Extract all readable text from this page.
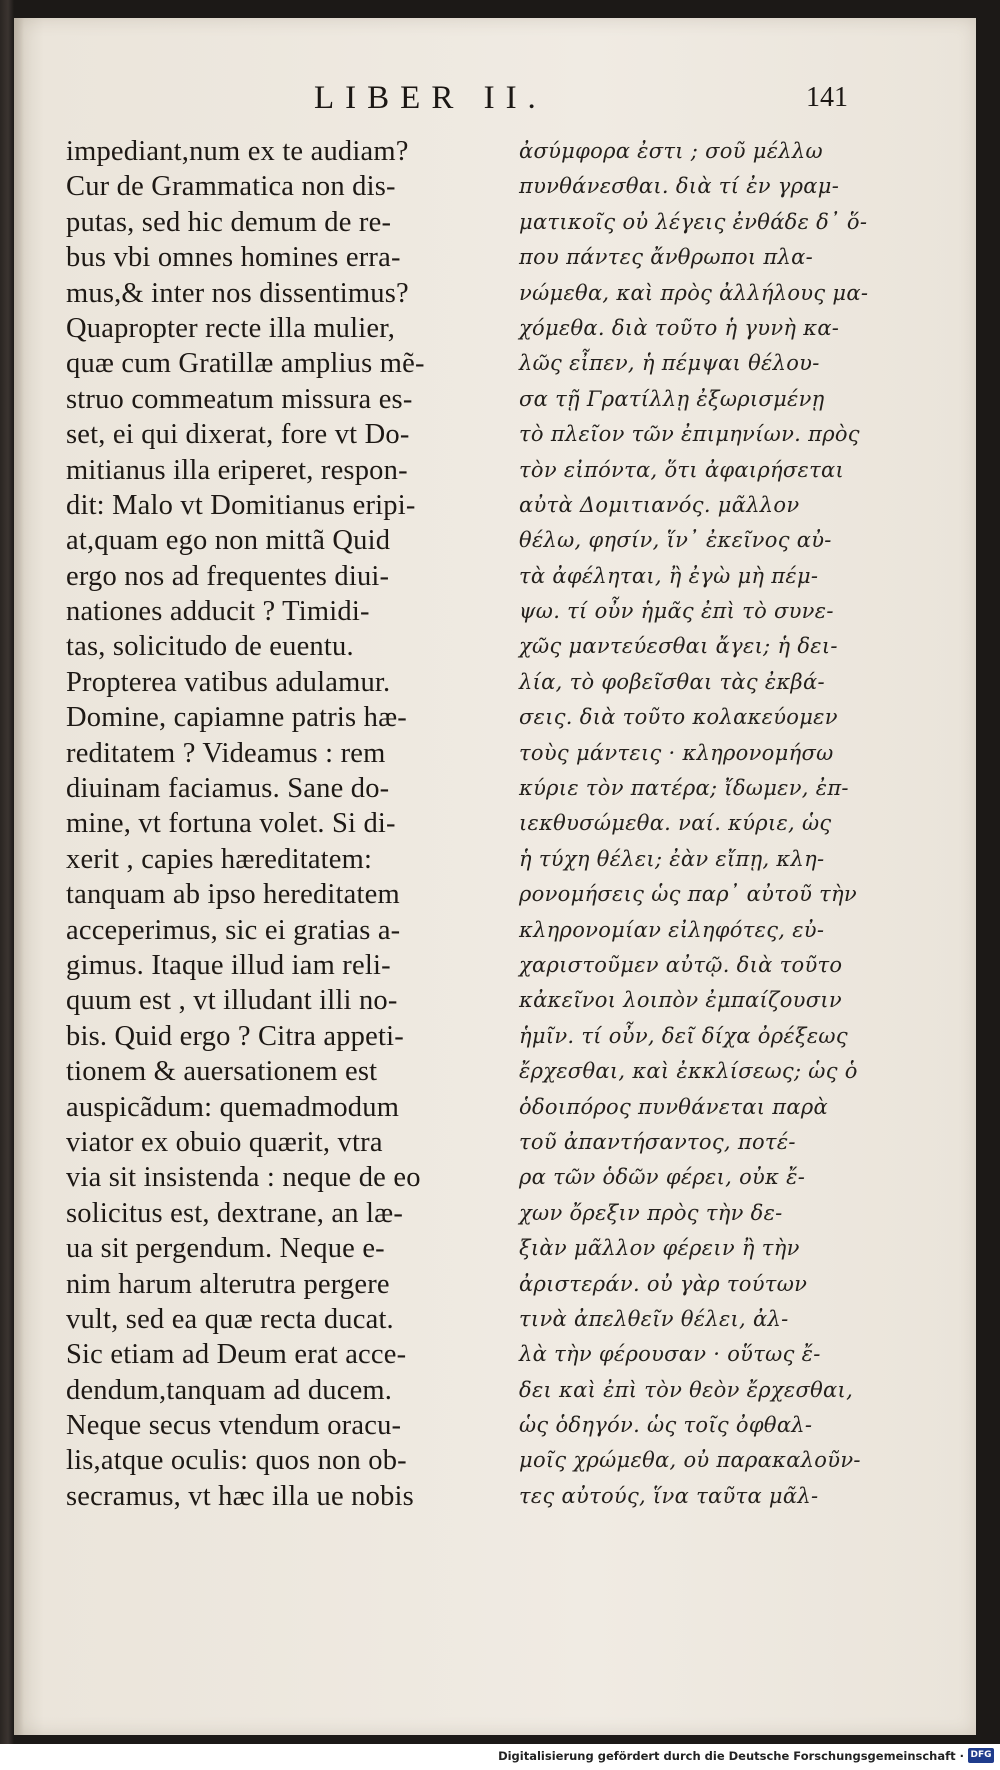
LIBER II.	141
impediant,num ex te audiam?
Cur de Grammatica non dis-
putas, sed hic demum de re-
bus vbi omnes homines erra-
mus,& inter nos dissentimus?
Quapropter recte illa mulier,
quæ cum Gratillæ amplius mẽ-
struo commeatum missura es-
set, ei qui dixerat, fore vt Do-
mitianus illa eriperet, respon-
dit: Malo vt Domitianus eripi-
at,quam ego non mittã Quid
ergo nos ad frequentes diui-
nationes adducit ? Timidi-
tas, solicitudo de euentu.
Propterea vatibus adulamur.
Domine, capiamne patris hæ-
reditatem ? Videamus : rem
diuinam faciamus. Sane do-
mine, vt fortuna volet. Si di-
xerit , capies hæreditatem:
tanquam ab ipso hereditatem
acceperimus, sic ei gratias a-
gimus. Itaque illud iam reli-
quum est , vt illudant illi no-
bis. Quid ergo ? Citra appeti-
tionem & auersationem est
auspicãdum: quemadmodum
viator ex obuio quærit, vtra
via sit insistenda : neque de eo
solicitus est, dextrane, an læ-
ua sit pergendum. Neque e-
nim harum alterutra pergere
vult, sed ea quæ recta ducat.
Sic etiam ad Deum erat acce-
dendum,tanquam ad ducem.
Neque secus vtendum oracu-
lis,atque oculis: quos non ob-
secramus, vt hæc illa ue nobis
ἀσύμφορα ἐστι ; σοῦ μέλλω
πυνθάνεσθαι. διὰ τί ἐν γραμ-
ματικοῖς οὐ λέγεις ἐνθάδε δ᾽ ὅ-
που πάντες ἄνθρωποι πλα-
νώμεθα, καὶ πρὸς ἀλλήλους μα-
χόμεθα. διὰ τοῦτο ἡ γυνὴ κα-
λῶς εἶπεν, ἡ πέμψαι θέλου-
σα τῇ Γρατίλλῃ ἐξωρισμένῃ
τὸ πλεῖον τῶν ἐπιμηνίων. πρὸς
τὸν εἰπόντα, ὅτι ἀφαιρήσεται
αὐτὰ Δομιτιανός. μᾶλλον
θέλω, φησίν, ἵν᾽ ἐκεῖνος αὐ-
τὰ ἀφέληται, ἢ ἐγὼ μὴ πέμ-
ψω. τί οὖν ἡμᾶς ἐπὶ τὸ συνε-
χῶς μαντεύεσθαι ἄγει; ἡ δει-
λία, τὸ φοβεῖσθαι τὰς ἐκβά-
σεις. διὰ τοῦτο κολακεύομεν
τοὺς μάντεις · κληρονομήσω
κύριε τὸν πατέρα; ἴδωμεν, ἐπ-
ιεκθυσώμεθα. ναί. κύριε, ὡς
ἡ τύχη θέλει; ἐὰν εἴπῃ, κλη-
ρονομήσεις ὡς παρ᾽ αὐτοῦ τὴν
κληρονομίαν εἰληφότες, εὐ-
χαριστοῦμεν αὐτῷ. διὰ τοῦτο
κἀκεῖνοι λοιπὸν ἐμπαίζουσιν
ἡμῖν. τί οὖν, δεῖ δίχα ὀρέξεως
ἔρχεσθαι, καὶ ἐκκλίσεως; ὡς ὁ
ὁδοιπόρος πυνθάνεται παρὰ
τοῦ ἀπαντήσαντος, ποτέ-
ρα τῶν ὁδῶν φέρει, οὐκ ἔ-
χων ὄρεξιν πρὸς τὴν δε-
ξιὰν μᾶλλον φέρειν ἢ τὴν
ἀριστεράν. οὐ γὰρ τούτων
τινὰ ἀπελθεῖν θέλει, ἀλ-
λὰ τὴν φέρουσαν · οὕτως ἔ-
δει καὶ ἐπὶ τὸν θεὸν ἔρχεσθαι,
ὡς ὁδηγόν. ὡς τοῖς ὀφθαλ-
μοῖς χρώμεθα, οὐ παρακαλοῦν-
τες αὐτούς, ἵνα ταῦτα μᾶλ-
Digitalisierung gefördert durch die Deutsche Forschungsgemeinschaft · DFG
